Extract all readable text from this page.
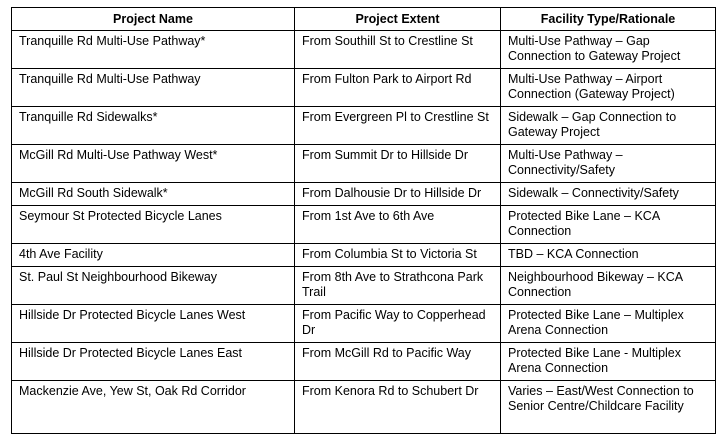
Project Name	Project Extent	Facility Type/Rationale
Tranquille Rd Multi-Use Pathway*	From Southill St to Crestline St	Multi-Use Pathway – Gap Connection to Gateway Project
Tranquille Rd Multi-Use Pathway	From Fulton Park to Airport Rd	Multi-Use Pathway – Airport Connection (Gateway Project)
Tranquille Rd Sidewalks*	From Evergreen Pl to Crestline St	Sidewalk – Gap Connection to Gateway Project
McGill Rd Multi-Use Pathway West*	From Summit Dr to Hillside Dr	Multi-Use Pathway – Connectivity/Safety
McGill Rd South Sidewalk*	From Dalhousie Dr to Hillside Dr	Sidewalk – Connectivity/Safety
Seymour St Protected Bicycle Lanes	From 1st Ave to 6th Ave	Protected Bike Lane – KCA Connection
4th Ave Facility	From Columbia St to Victoria St	TBD – KCA Connection
St. Paul St Neighbourhood Bikeway	From 8th Ave to Strathcona Park Trail	Neighbourhood Bikeway – KCA Connection
Hillside Dr Protected Bicycle Lanes West	From Pacific Way to Copperhead Dr	Protected Bike Lane – Multiplex Arena Connection
Hillside Dr Protected Bicycle Lanes East	From McGill Rd to Pacific Way	Protected Bike Lane - Multiplex Arena Connection
Mackenzie Ave, Yew St, Oak Rd Corridor	From Kenora Rd to Schubert Dr	Varies – East/West Connection to Senior Centre/Childcare Facility
